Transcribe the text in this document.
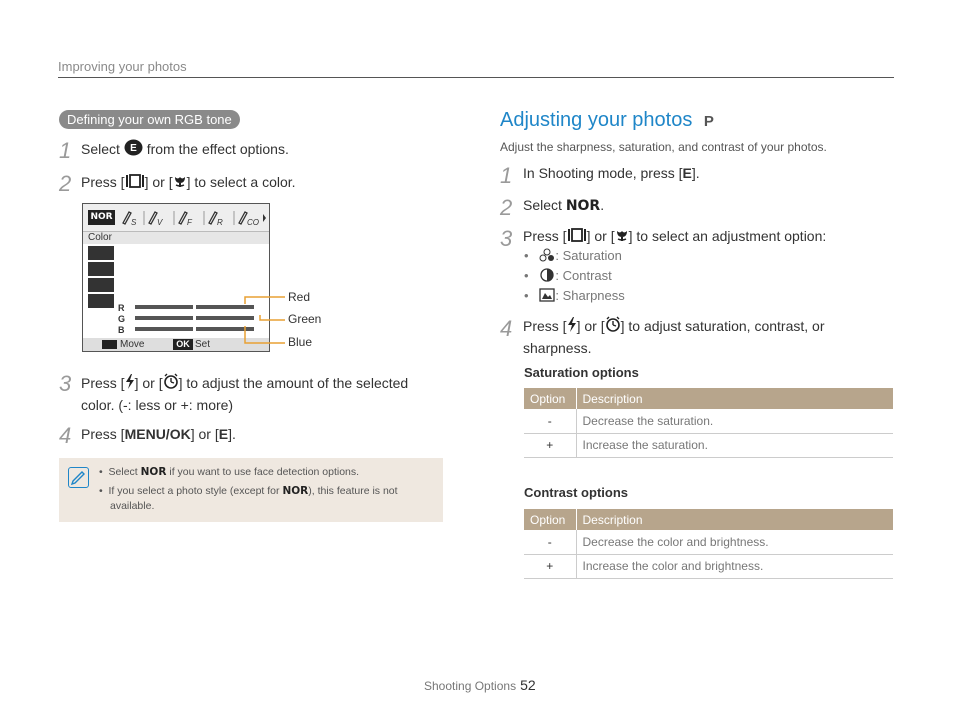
Improving your photos
Defining your own RGB tone
1 Select E from the effect options.
2 Press [ ] or [ ] to select a color.
NOR
S	V	F	R	CO
Color
R
G
B
Move	OK Set
Red
Green
Blue
3 Press [ ] or [ ] to adjust the amount of the selected
color. (-: less or +: more)
4 Press [MENU/OK] or [E].
•  Select NOR if you want to use face detection options.
•  If you select a photo style (except for NOR), this feature is not
available.
Adjusting your photos P
Adjust the sharpness, saturation, and contrast of your photos.
1 In Shooting mode, press [E].
2 Select NOR.
3 Press [ ] or [ ] to select an adjustment option:
•   : Saturation
•   : Contrast
•   : Sharpness
4 Press [ ] or [ ] to adjust saturation, contrast, or
sharpness.
Saturation options
Option	Description
-	Decrease the saturation.
+	Increase the saturation.
Contrast options
Option	Description
-	Decrease the color and brightness.
+	Increase the color and brightness.
Shooting Options 52
